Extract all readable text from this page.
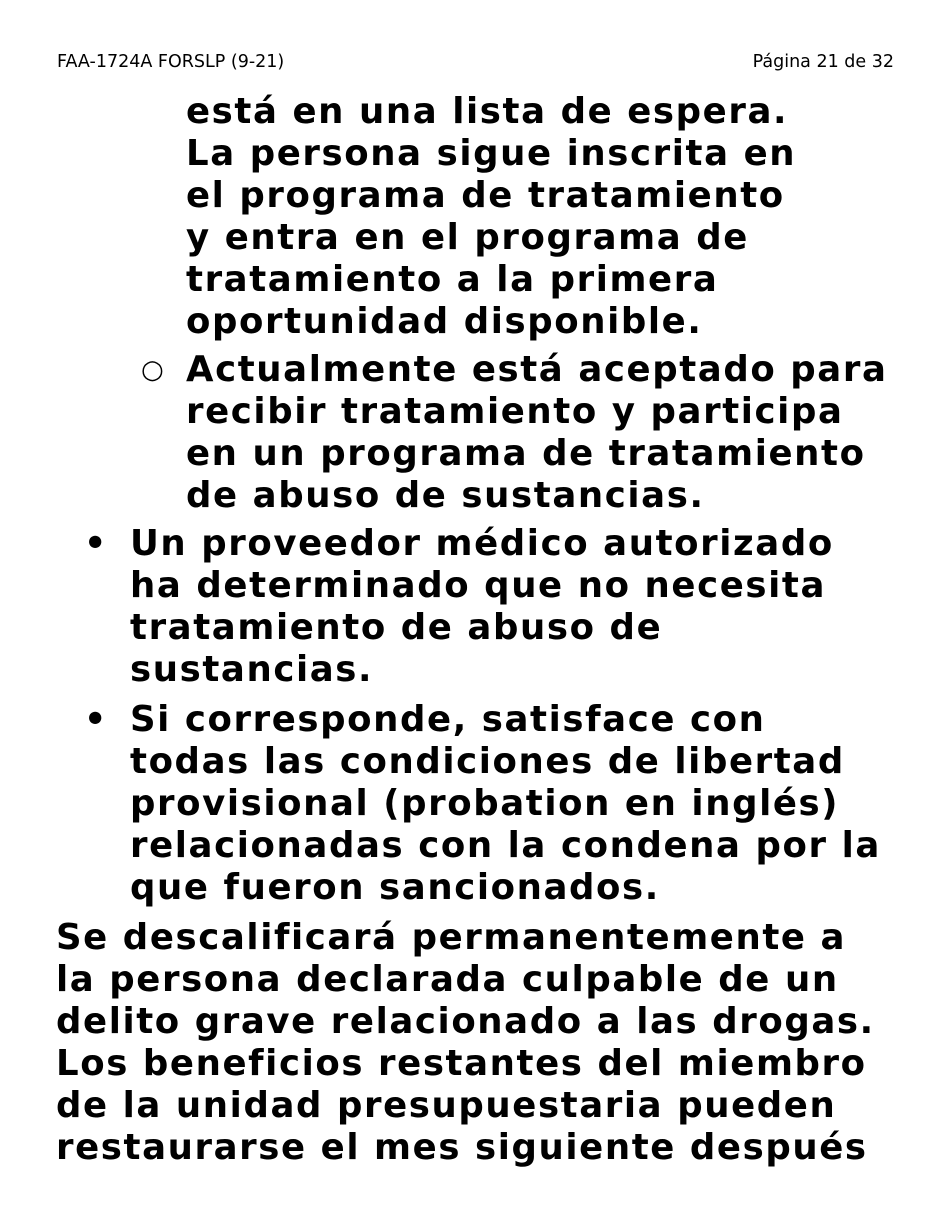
FAA-1724A FORSLP (9-21)	Página 21 de 32
está en una lista de espera.
La persona sigue inscrita en
el programa de tratamiento
y entra en el programa de
tratamiento a la primera
oportunidad disponible.
○ Actualmente está aceptado para
recibir tratamiento y participa
en un programa de tratamiento
de abuso de sustancias.
• Un proveedor médico autorizado
ha determinado que no necesita
tratamiento de abuso de
sustancias.
• Si corresponde, satisface con
todas las condiciones de libertad
provisional (probation en inglés)
relacionadas con la condena por la
que fueron sancionados.
Se descalificará permanentemente a
la persona declarada culpable de un
delito grave relacionado a las drogas.
Los beneficios restantes del miembro
de la unidad presupuestaria pueden
restaurarse el mes siguiente después
